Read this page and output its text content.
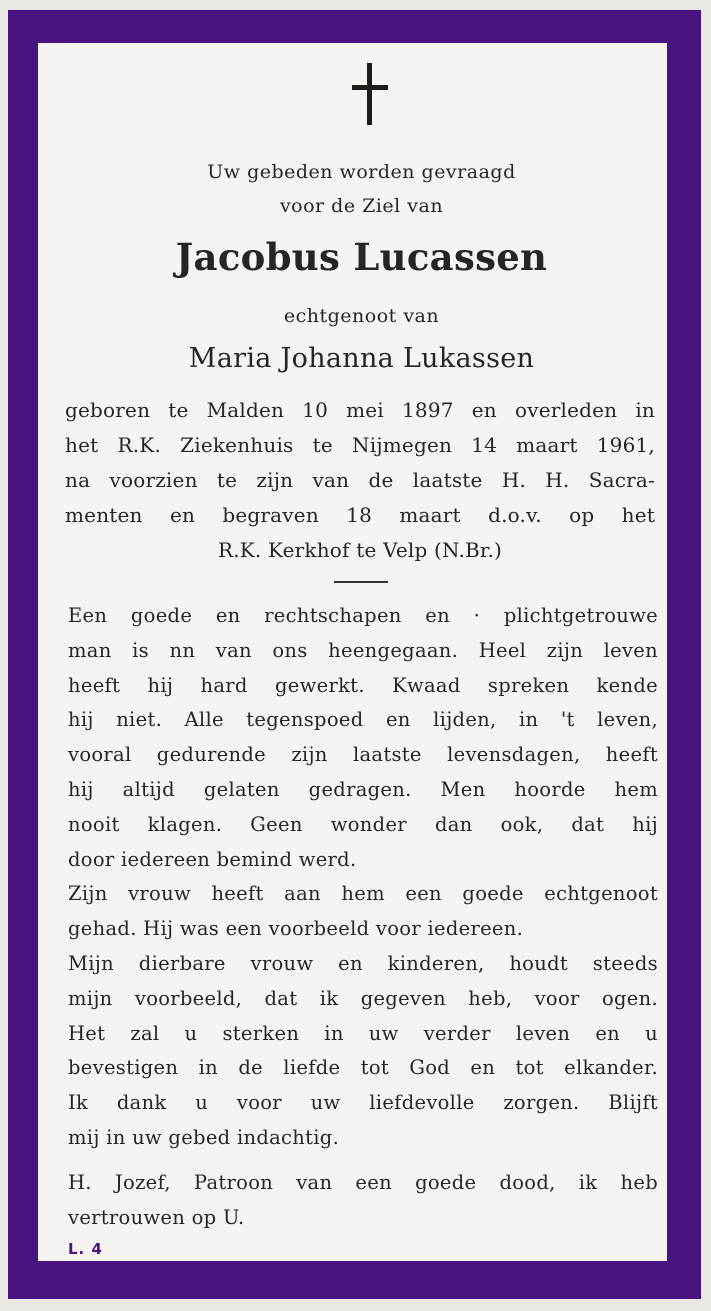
Uw gebeden worden gevraagd
voor de Ziel van
Jacobus Lucassen
echtgenoot van
Maria Johanna Lukassen
geboren te Malden 10 mei 1897 en overleden in
het R.K. Ziekenhuis te Nijmegen 14 maart 1961,
na voorzien te zijn van de laatste H. H. Sacra-
menten en begraven 18 maart d.o.v. op het
R.K. Kerkhof te Velp (N.Br.)
Een goede en rechtschapen en · plichtgetrouwe
man is nn van ons heengegaan. Heel zijn leven
heeft hij hard gewerkt. Kwaad spreken kende
hij niet. Alle tegenspoed en lijden, in 't leven,
vooral gedurende zijn laatste levensdagen, heeft
hij altijd gelaten gedragen. Men hoorde hem
nooit klagen. Geen wonder dan ook, dat hij
door iedereen bemind werd.
Zijn vrouw heeft aan hem een goede echtgenoot
gehad. Hij was een voorbeeld voor iedereen.
Mijn dierbare vrouw en kinderen, houdt steeds
mijn voorbeeld, dat ik gegeven heb, voor ogen.
Het zal u sterken in uw verder leven en u
bevestigen in de liefde tot God en tot elkander.
Ik dank u voor uw liefdevolle zorgen. Blijft
mij in uw gebed indachtig.
H. Jozef, Patroon van een goede dood, ik heb
vertrouwen op U.
L. 4
